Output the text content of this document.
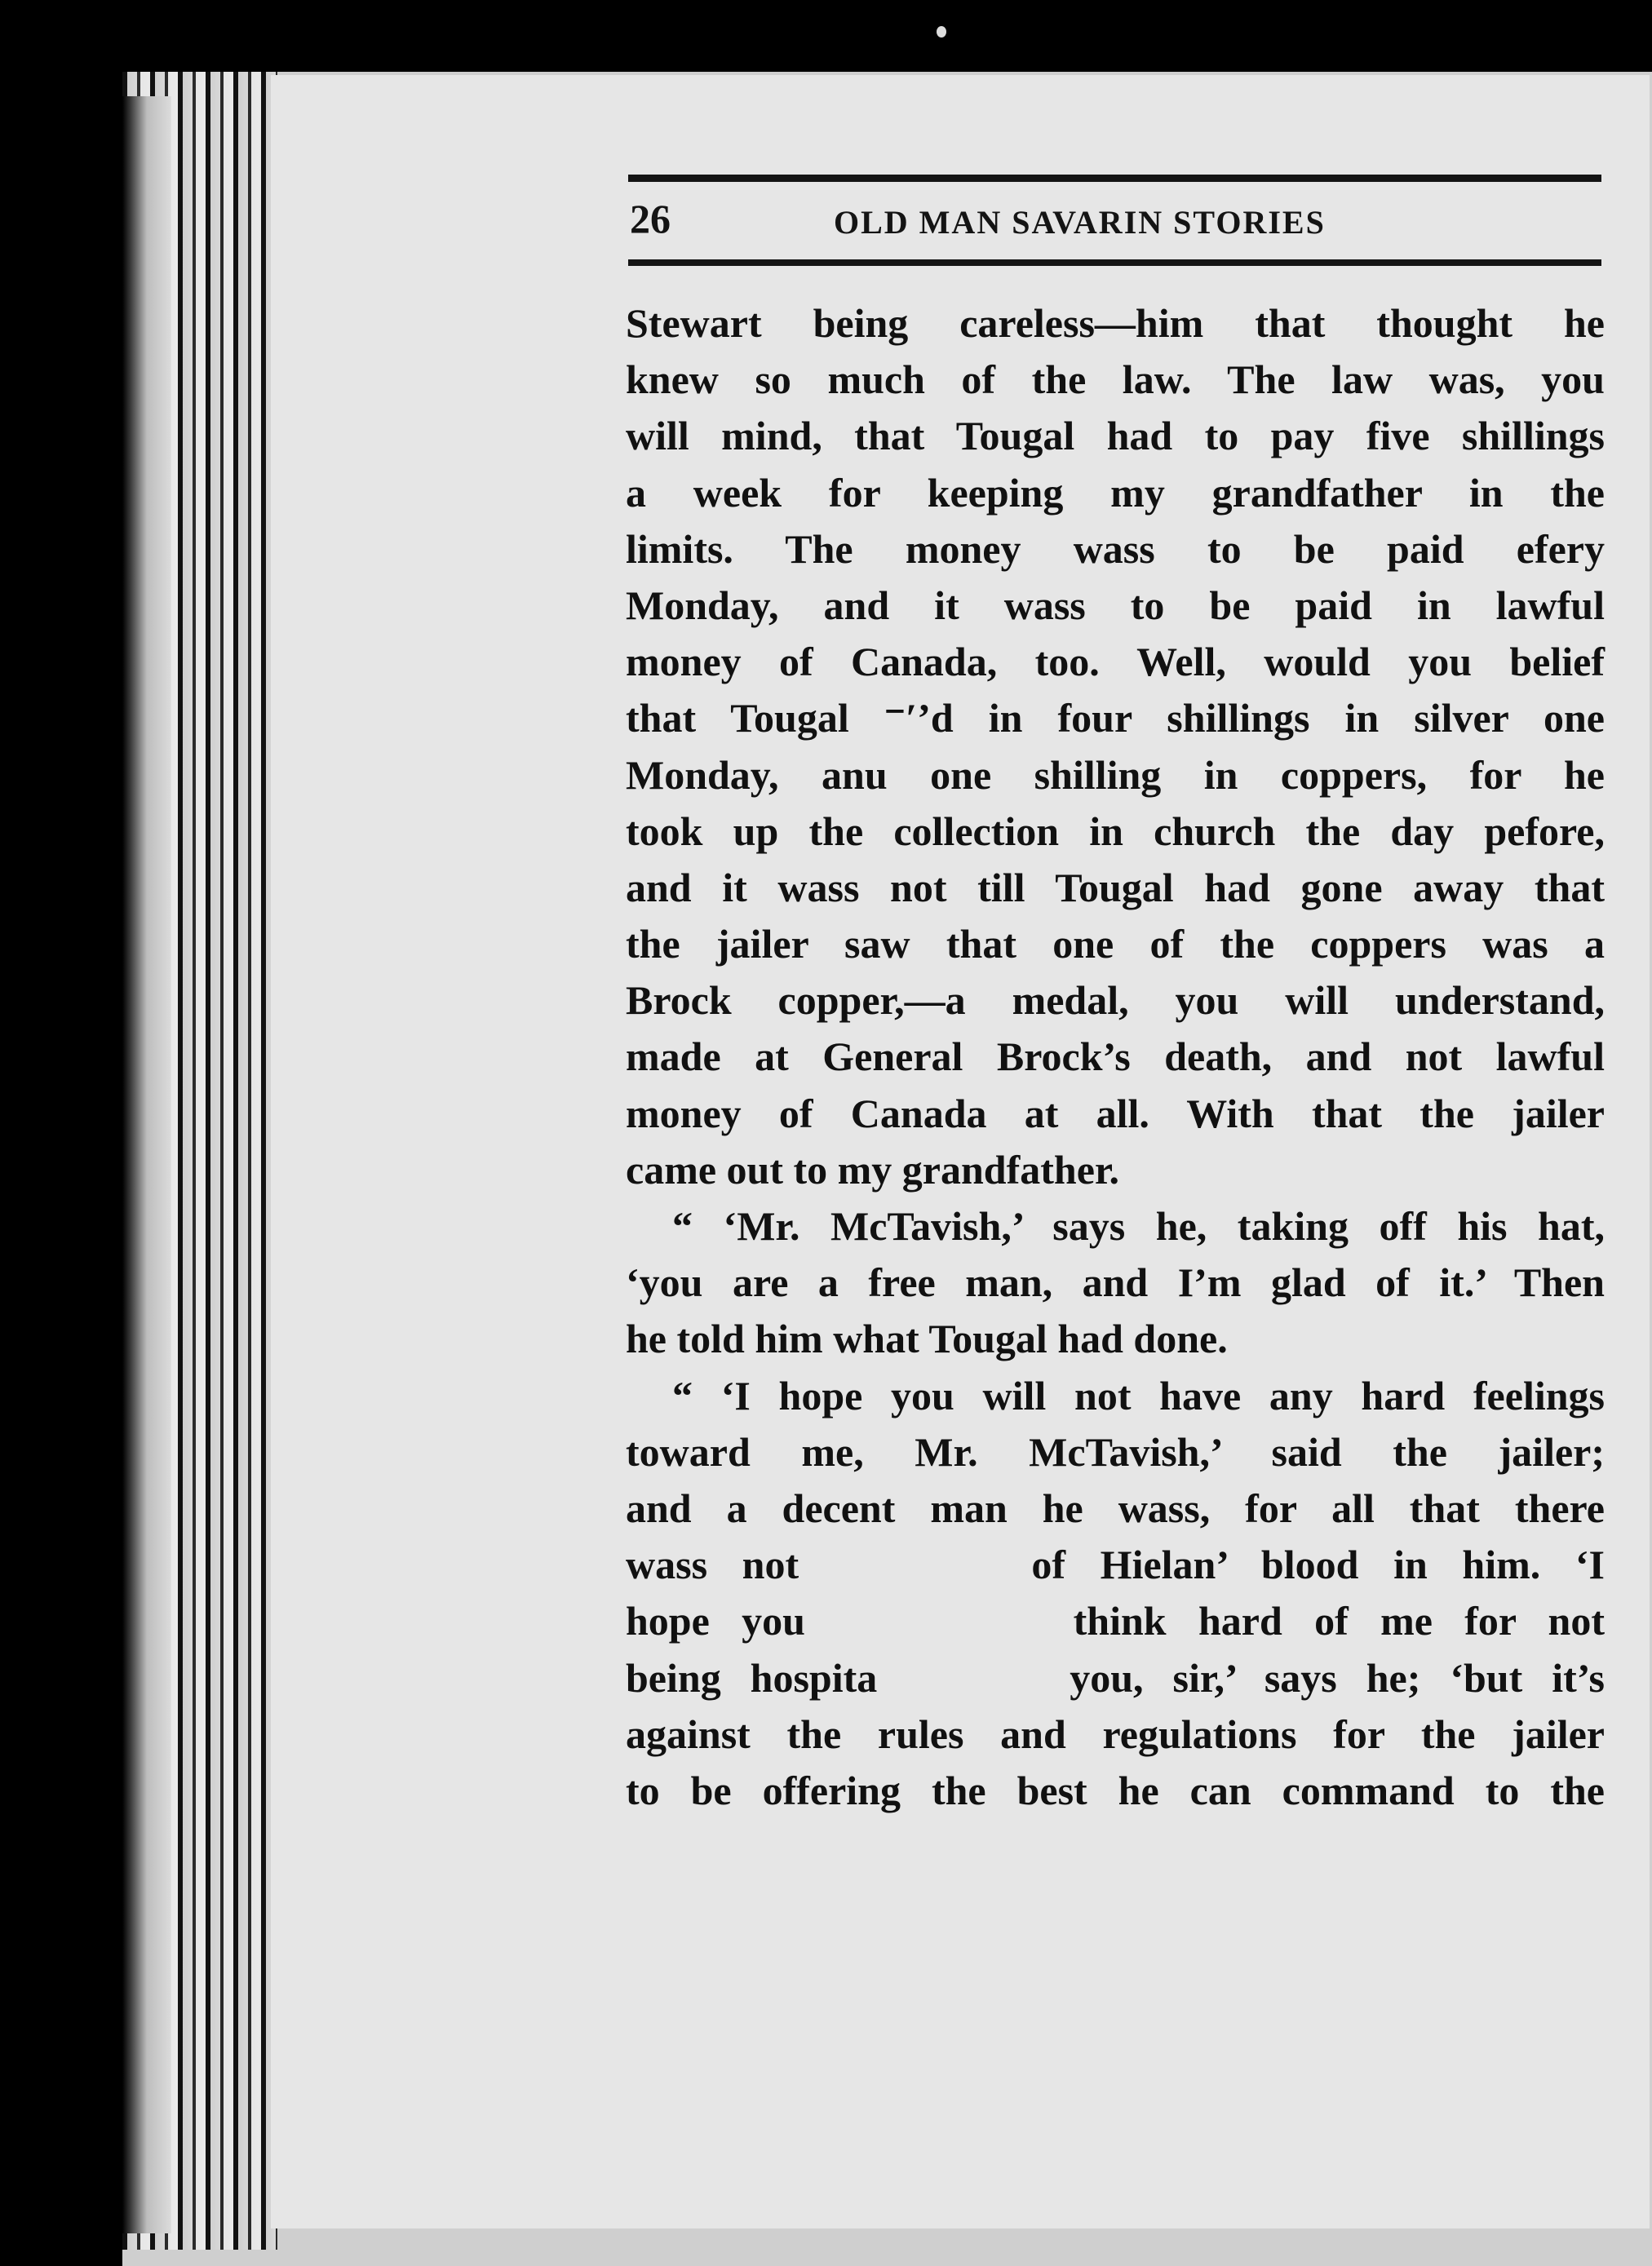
26	OLD MAN SAVARIN STORIES
Stewart being careless—him that thought he
knew so much of the law. The law was, you
will mind, that Tougal had to pay five shillings
a week for keeping my grandfather in the
limits. The money wass to be paid efery
Monday, and it wass to be paid in lawful
money of Canada, too. Well, would you belief
that Tougal ⁻′ʼd in four shillings in silver one
Monday, anu one shilling in coppers, for he
took up the collection in church the day pefore,
and it wass not till Tougal had gone away that
the jailer saw that one of the coppers was a
Brock copper,—a medal, you will understand,
made at General Brock’s death, and not lawful
money of Canada at all. With that the jailer
came out to my grandfather.
“ ‘Mr. McTavish,’ says he, taking off his hat,
‘you are a free man, and I’m glad of it.’ Then
he told him what Tougal had done.
“ ‘I hope you will not have any hard feelings
toward me, Mr. McTavish,’ said the jailer;
and a decent man he wass, for all that there
wass not      of Hielan’ blood in him. ‘I
hope you       think hard of me for not
being hospita     you, sir,’ says he; ‘but it’s
against the rules and regulations for the jailer
to be offering the best he can command to the
